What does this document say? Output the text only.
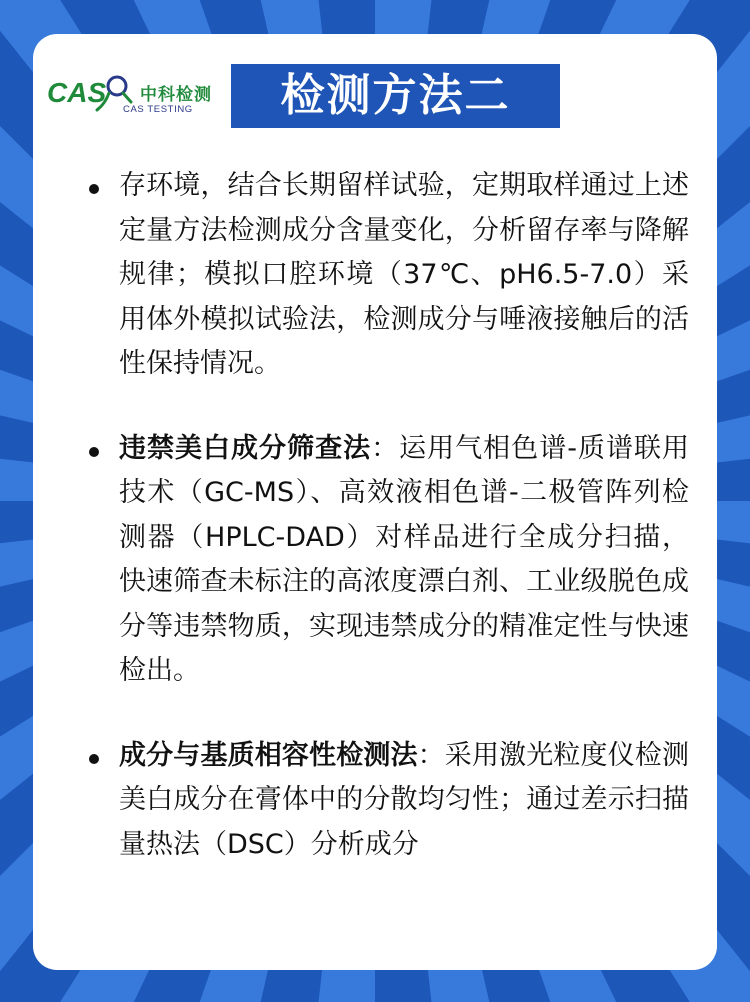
CAS 中科检测
CAS TESTING	检测方法二
存环境，结合长期留样试验，定期取样通过上述定量方法检测成分含量变化，分析留存率与降解规律；模拟口腔环境（37℃、pH6.5-7.0）采用体外模拟试验法，检测成分与唾液接触后的活性保持情况。
违禁美白成分筛查法：运用气相色谱-质谱联用技术（GC-MS）、高效液相色谱-二极管阵列检测器（HPLC-DAD）对样品进行全成分扫描，快速筛查未标注的高浓度漂白剂、工业级脱色成分等违禁物质，实现违禁成分的精准定性与快速检出。
成分与基质相容性检测法：采用激光粒度仪检测美白成分在膏体中的分散均匀性；通过差示扫描量热法（DSC）分析成分
